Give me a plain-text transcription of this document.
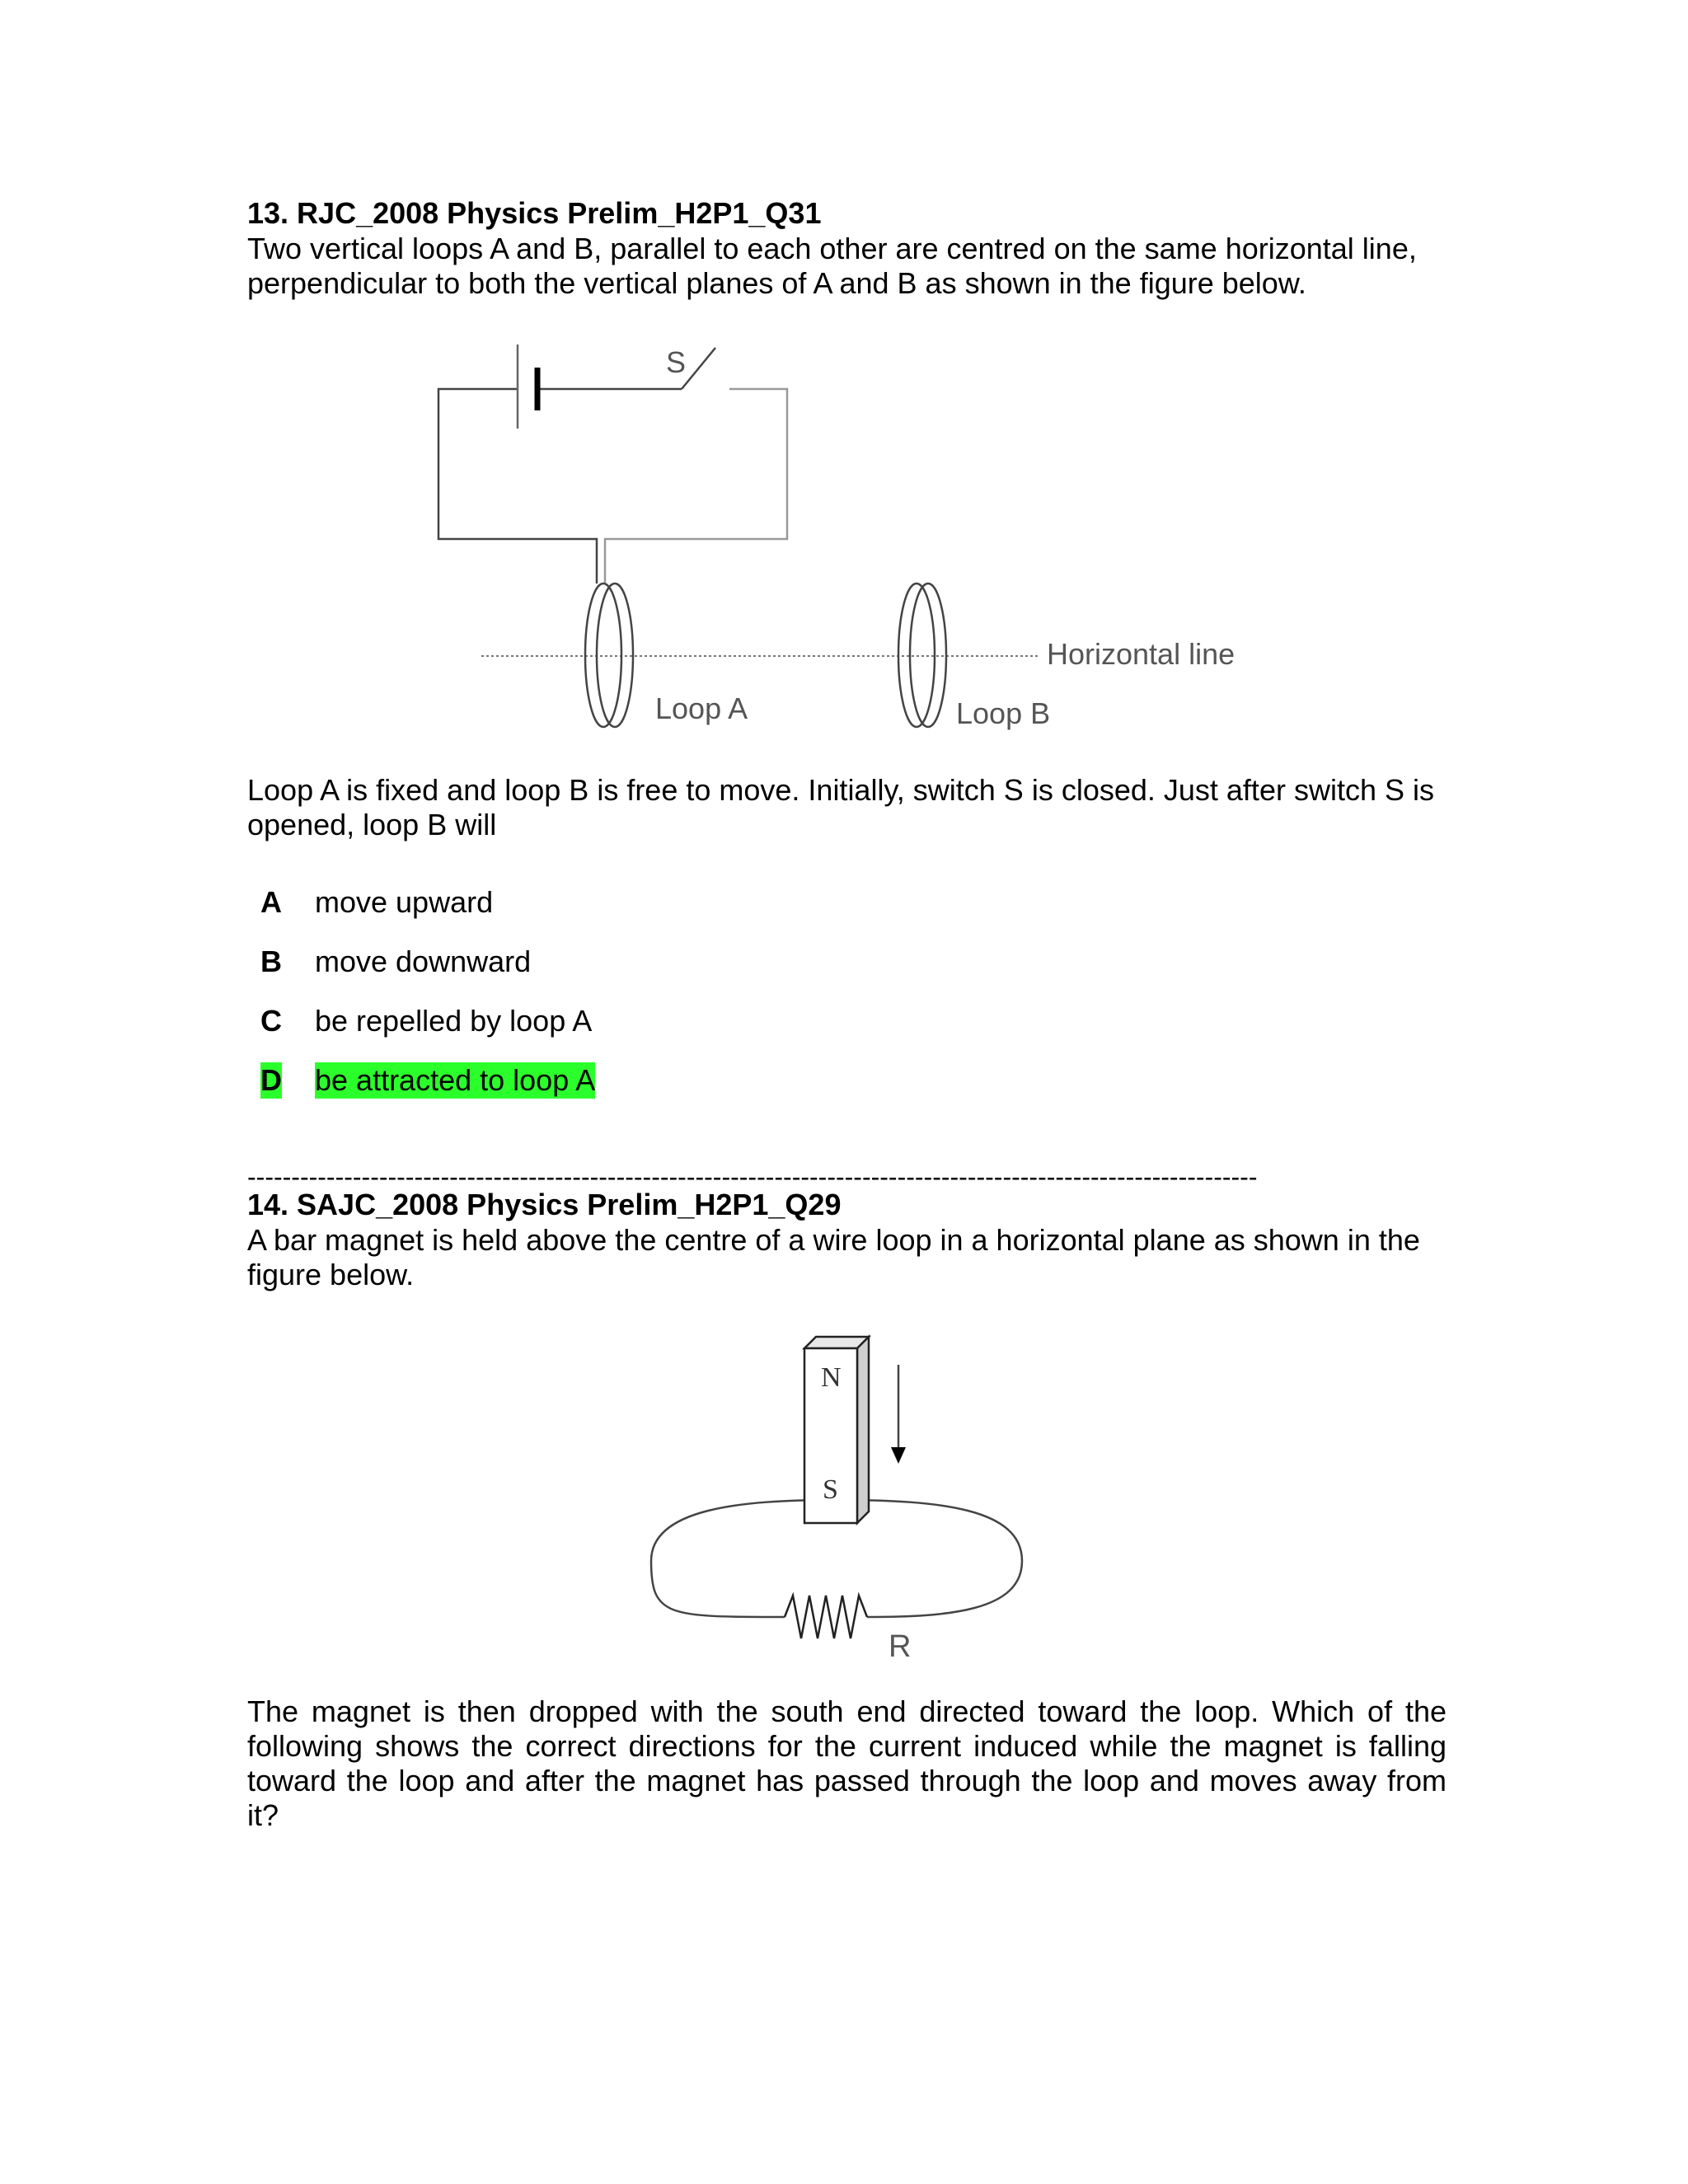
13. RJC_2008 Physics Prelim_H2P1_Q31

Two vertical loops A and B, parallel to each other are centred on the same horizontal line, perpendicular to both the vertical planes of A and B as shown in the figure below.

S
Horizontal line
Loop A	Loop B

Loop A is fixed and loop B is free to move. Initially, switch S is closed. Just after switch S is opened, loop B will

A move upward
B move downward
C be repelled by loop A
D be attracted to loop A
-------------------------------------------------------------------------------------------------------------------

14. SAJC_2008 Physics Prelim_H2P1_Q29

A bar magnet is held above the centre of a wire loop in a horizontal plane as shown in the figure below.

N
S
R

The magnet is then dropped with the south end directed toward the loop. Which of the following shows the correct directions for the current induced while the magnet is falling toward the loop and after the magnet has passed through the loop and moves away from it?
